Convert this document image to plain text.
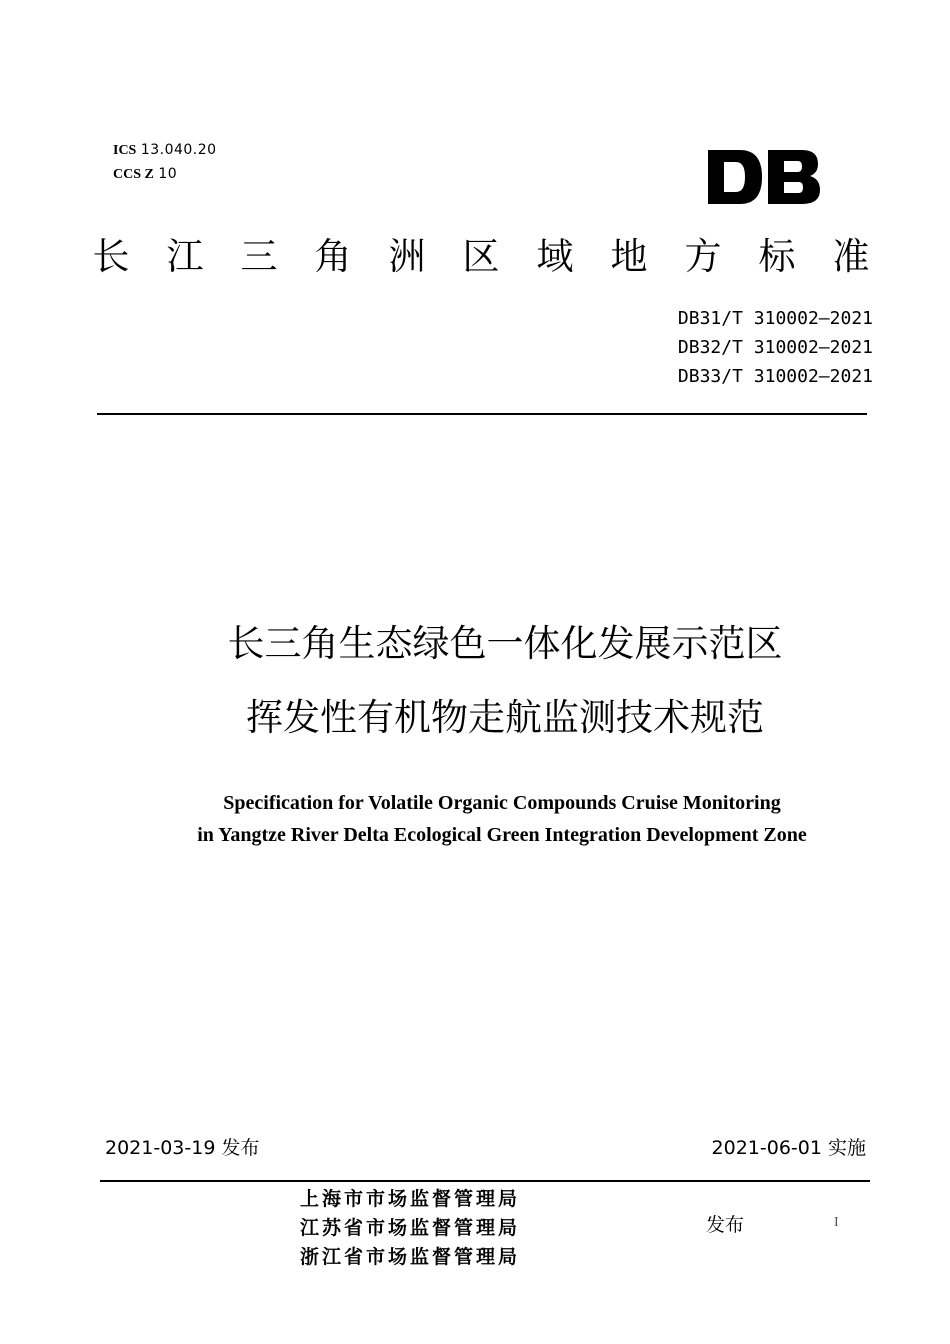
ICS 13.040.20
CCS Z 10
长 江 三 角 洲 区 域 地 方 标 准
DB31/T 310002—2021
DB32/T 310002—2021
DB33/T 310002—2021
长三角生态绿色一体化发展示范区
挥发性有机物走航监测技术规范
Specification for Volatile Organic Compounds Cruise Monitoring
in Yangtze River Delta Ecological Green Integration Development Zone
2021-03-19 发布	2021-06-01 实施
上海市市场监督管理局
江苏省市场监督管理局
浙江省市场监督管理局
发布	I
